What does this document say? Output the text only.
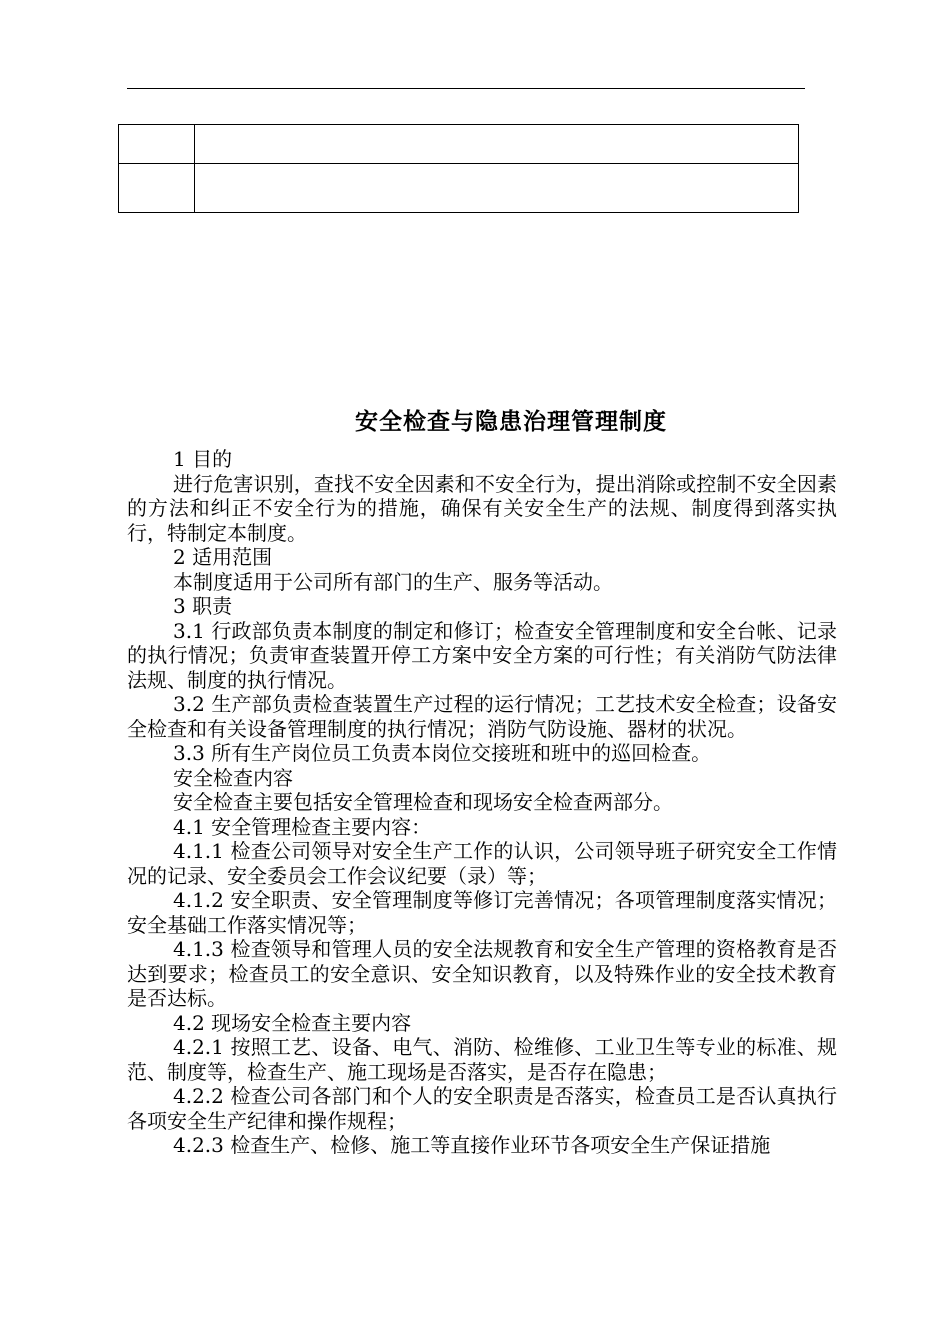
安全检查与隐患治理管理制度

1 目的

进行危害识别，查找不安全因素和不安全行为，提出消除或控制不安全因素的方法和纠正不安全行为的措施，确保有关安全生产的法规、制度得到落实执行，特制定本制度。

2 适用范围

本制度适用于公司所有部门的生产、服务等活动。

3 职责

3.1 行政部负责本制度的制定和修订；检查安全管理制度和安全台帐、记录的执行情况；负责审查装置开停工方案中安全方案的可行性；有关消防气防法律法规、制度的执行情况。

3.2 生产部负责检查装置生产过程的运行情况；工艺技术安全检查；设备安全检查和有关设备管理制度的执行情况；消防气防设施、器材的状况。

3.3 所有生产岗位员工负责本岗位交接班和班中的巡回检查。

安全检查内容

安全检查主要包括安全管理检查和现场安全检查两部分。

4.1 安全管理检查主要内容：

4.1.1 检查公司领导对安全生产工作的认识，公司领导班子研究安全工作情况的记录、安全委员会工作会议纪要（录）等；

4.1.2 安全职责、安全管理制度等修订完善情况；各项管理制度落实情况；安全基础工作落实情况等；

4.1.3 检查领导和管理人员的安全法规教育和安全生产管理的资格教育是否达到要求；检查员工的安全意识、安全知识教育，以及特殊作业的安全技术教育是否达标。

4.2 现场安全检查主要内容

4.2.1 按照工艺、设备、电气、消防、检维修、工业卫生等专业的标准、规范、制度等，检查生产、施工现场是否落实，是否存在隐患；

4.2.2 检查公司各部门和个人的安全职责是否落实，检查员工是否认真执行各项安全生产纪律和操作规程；

4.2.3 检查生产、检修、施工等直接作业环节各项安全生产保证措施
